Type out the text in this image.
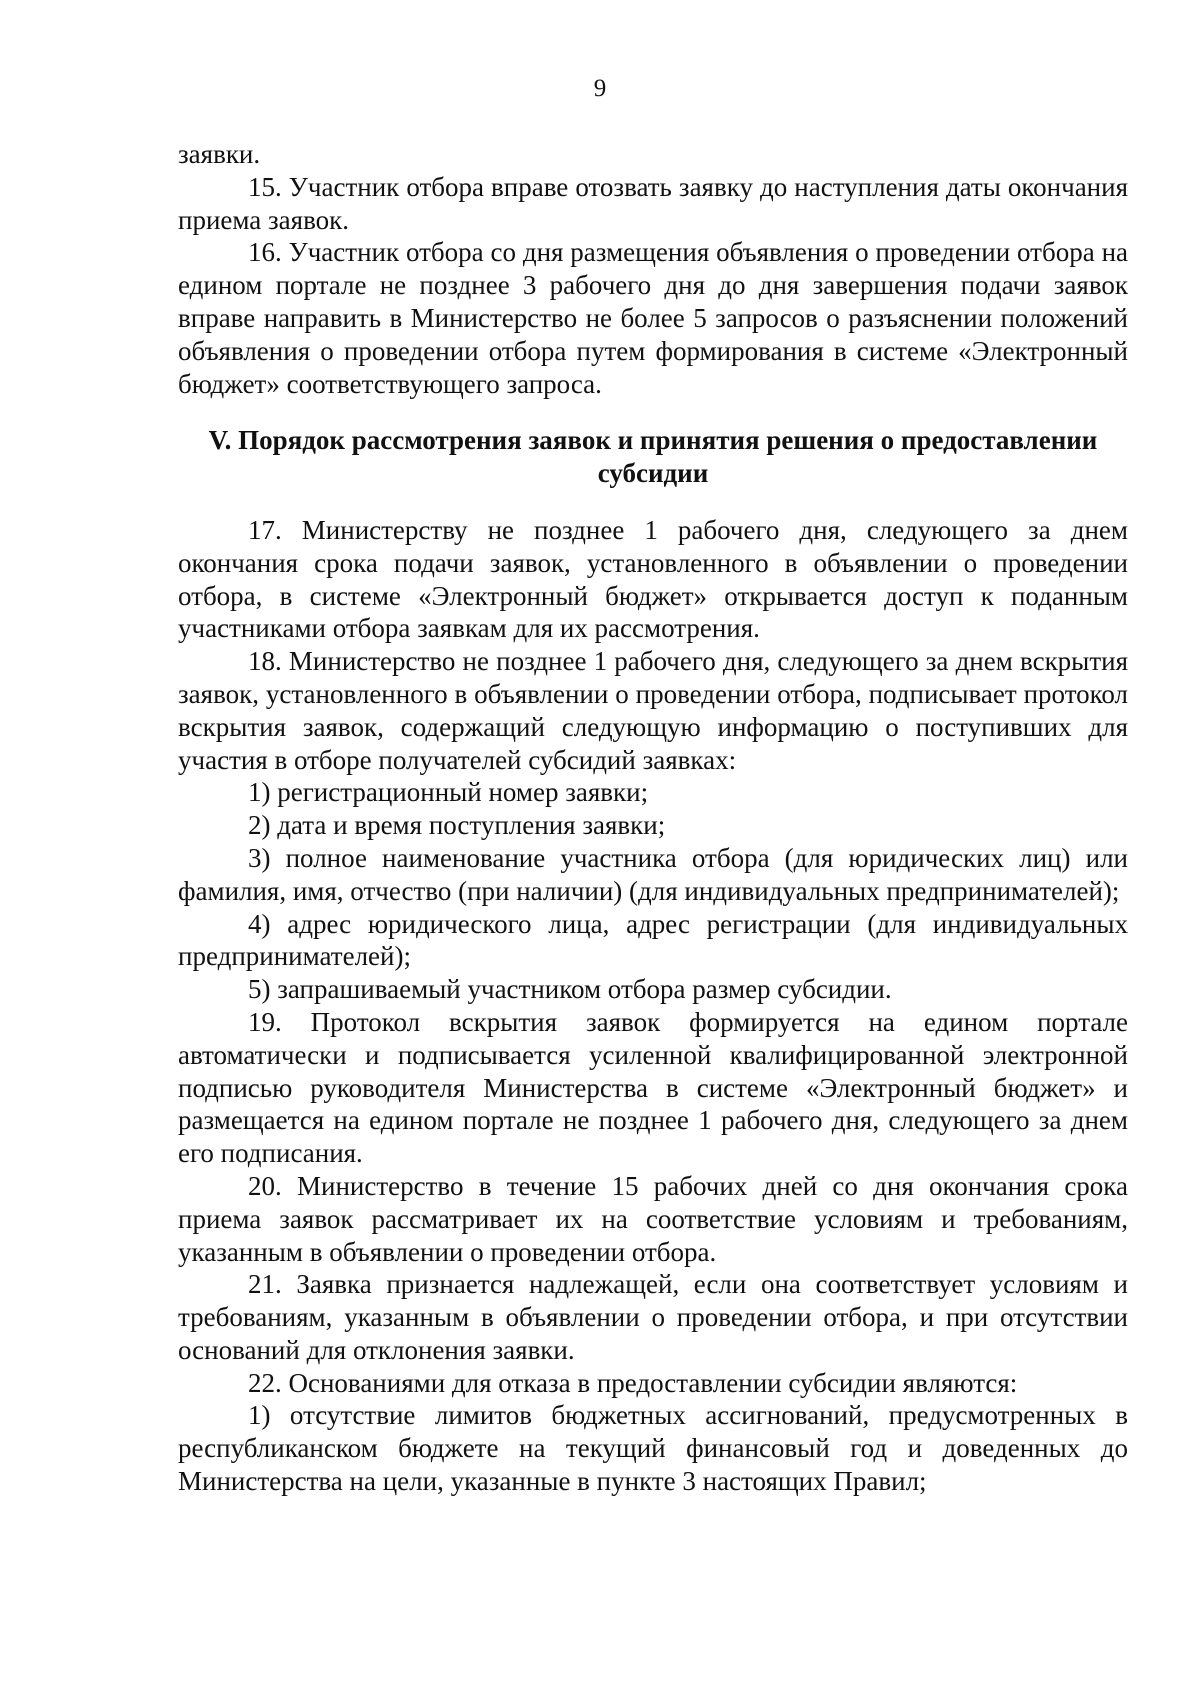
9

заявки.

15. Участник отбора вправе отозвать заявку до наступления даты окончания приема заявок.

16. Участник отбора со дня размещения объявления о проведении отбора на едином портале не позднее 3 рабочего дня до дня завершения подачи заявок вправе направить в Министерство не более 5 запросов о разъяснении положений объявления о проведении отбора путем формирования в системе «Электронный бюджет» соответствующего запроса.

V. Порядок рассмотрения заявок и принятия решения о предоставлении субсидии

17. Министерству не позднее 1 рабочего дня, следующего за днем окончания срока подачи заявок, установленного в объявлении о проведении отбора, в системе «Электронный бюджет» открывается доступ к поданным участниками отбора заявкам для их рассмотрения.

18. Министерство не позднее 1 рабочего дня, следующего за днем вскрытия заявок, установленного в объявлении о проведении отбора, подписывает протокол вскрытия заявок, содержащий следующую информацию о поступивших для участия в отборе получателей субсидий заявках:

1) регистрационный номер заявки;

2) дата и время поступления заявки;

3) полное наименование участника отбора (для юридических лиц) или фамилия, имя, отчество (при наличии) (для индивидуальных предпринимателей);

4) адрес юридического лица, адрес регистрации (для индивидуальных предпринимателей);

5) запрашиваемый участником отбора размер субсидии.

19. Протокол вскрытия заявок формируется на едином портале автоматически и подписывается усиленной квалифицированной электронной подписью руководителя Министерства в системе «Электронный бюджет» и размещается на едином портале не позднее 1 рабочего дня, следующего за днем его подписания.

20. Министерство в течение 15 рабочих дней со дня окончания срока приема заявок рассматривает их на соответствие условиям и требованиям, указанным в объявлении о проведении отбора.

21. Заявка признается надлежащей, если она соответствует условиям и требованиям, указанным в объявлении о проведении отбора, и при отсутствии оснований для отклонения заявки.

22. Основаниями для отказа в предоставлении субсидии являются:

1) отсутствие лимитов бюджетных ассигнований, предусмотренных в республиканском бюджете на текущий финансовый год и доведенных до Министерства на цели, указанные в пункте 3 настоящих Правил;
